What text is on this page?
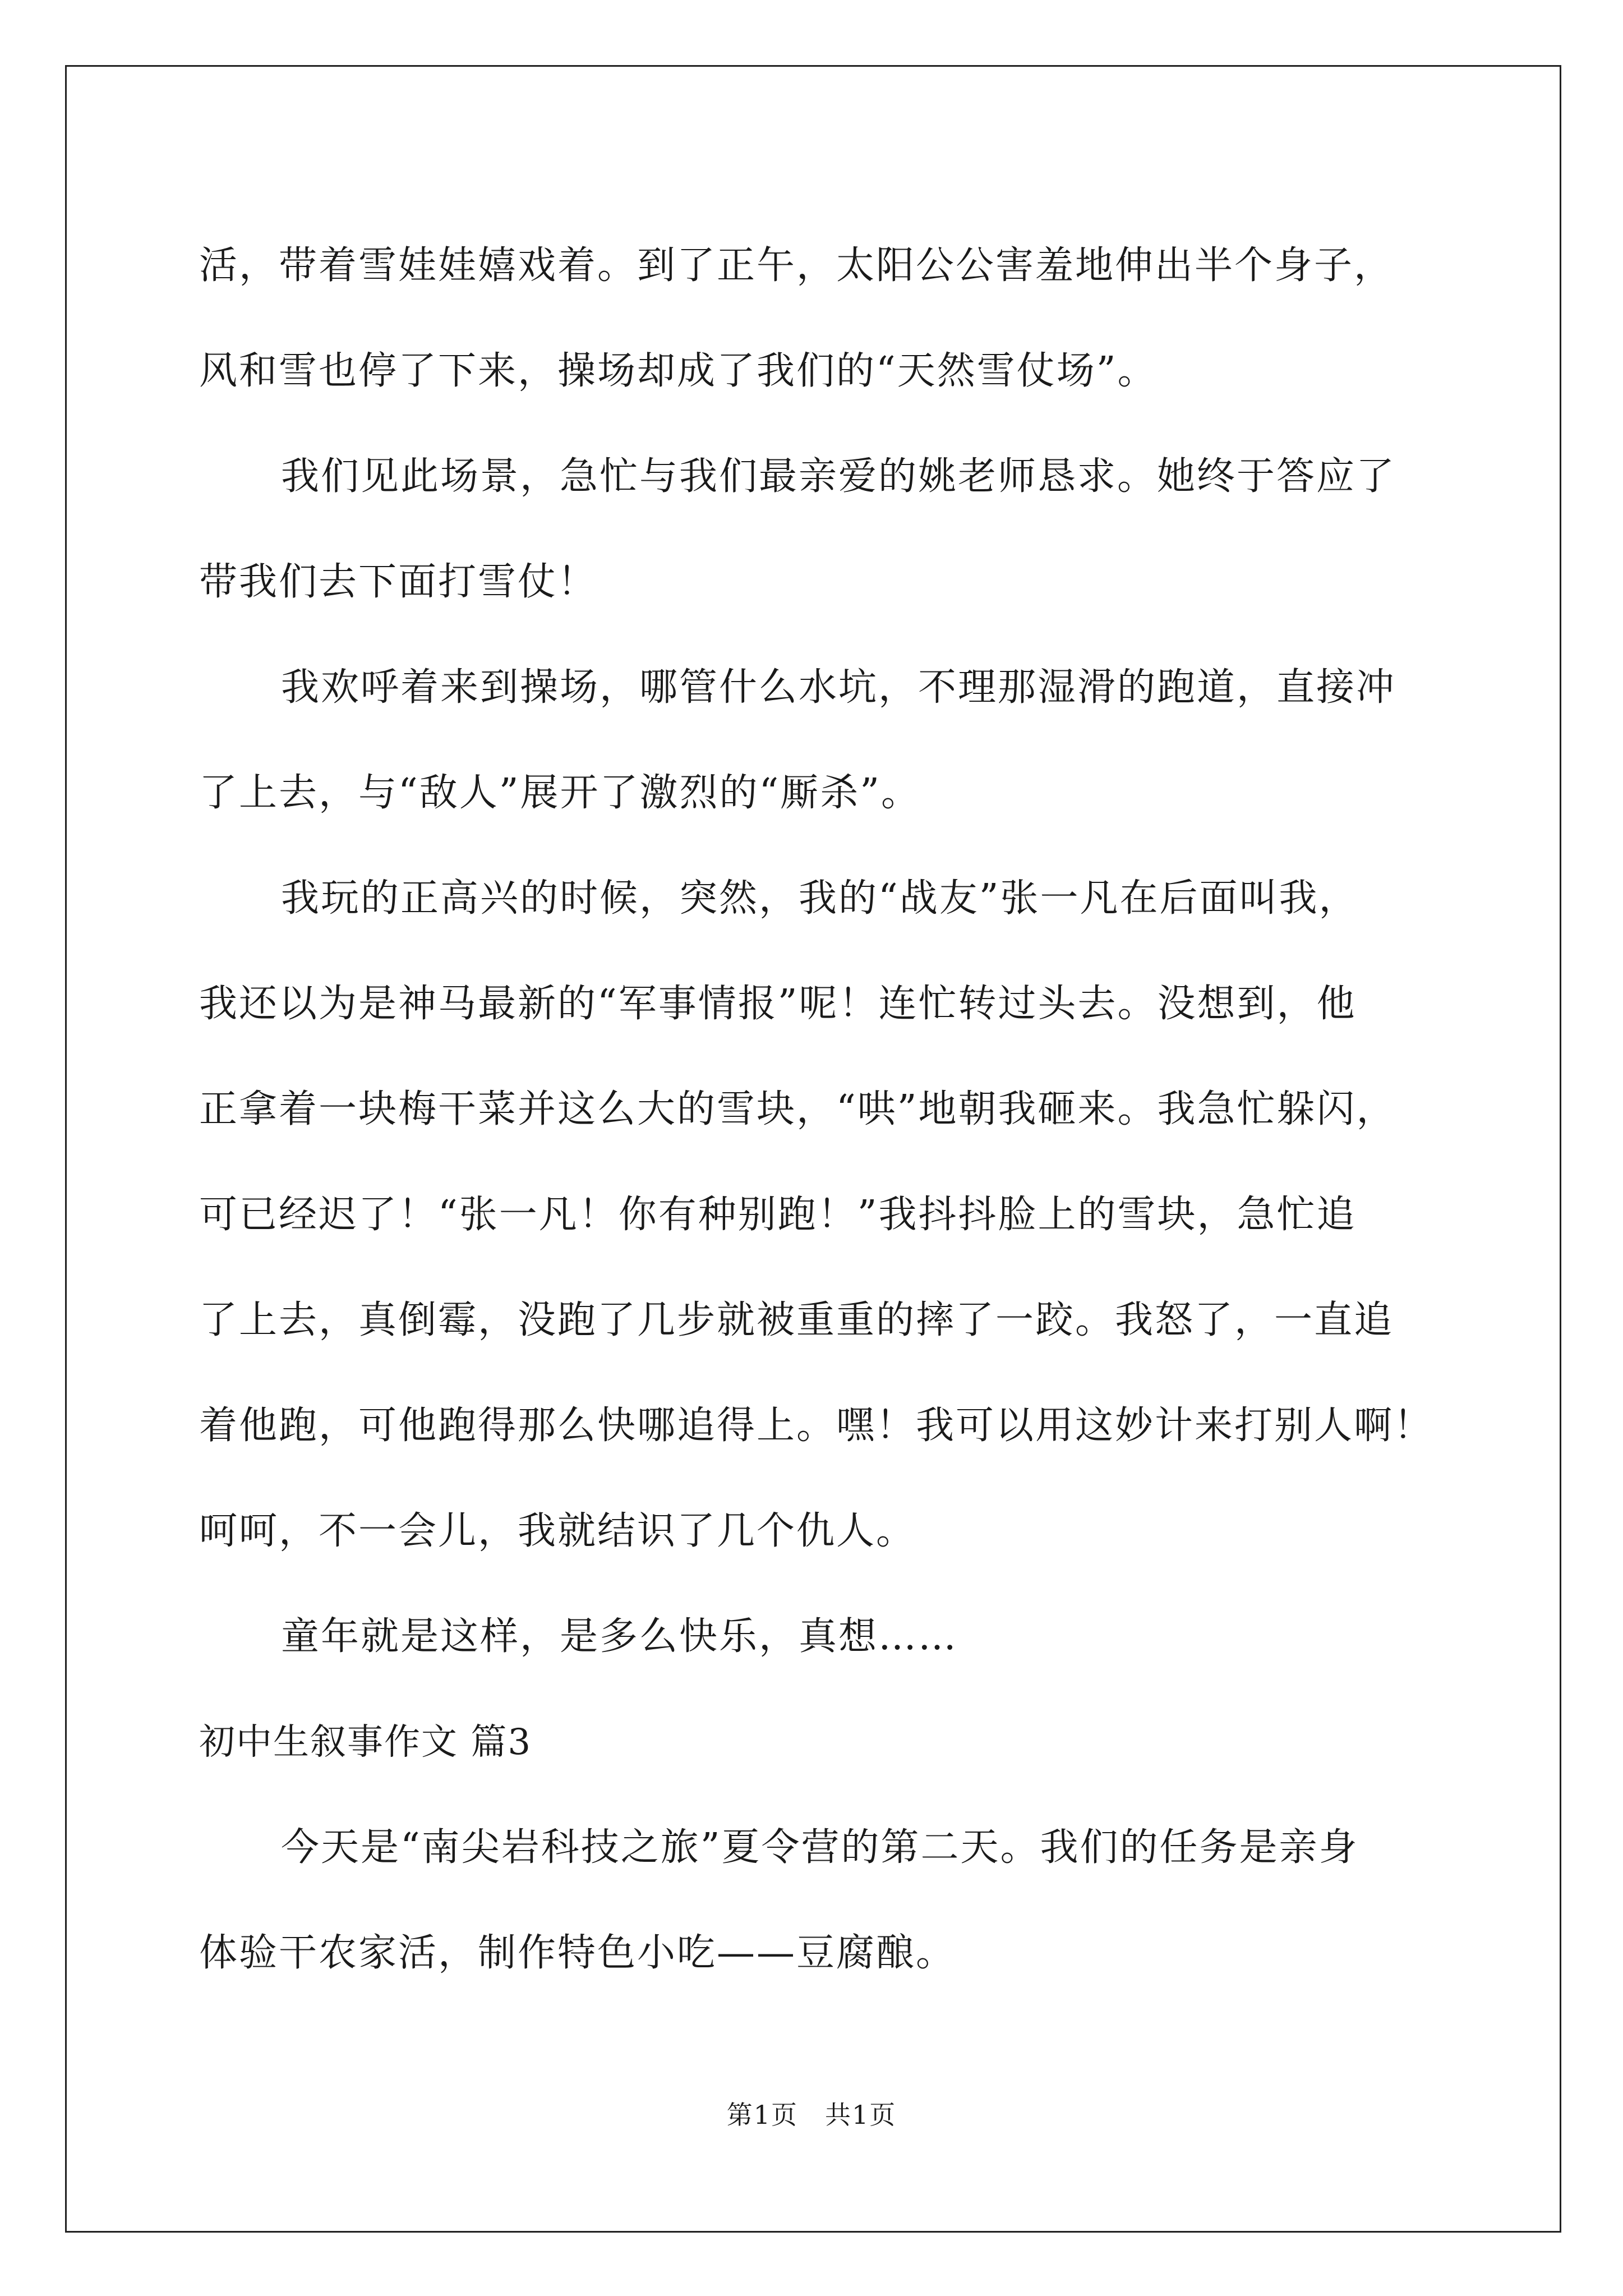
活，带着雪娃娃嬉戏着。到了正午，太阳公公害羞地伸出半个身子，
风和雪也停了下来，操场却成了我们的“天然雪仗场”。
我们见此场景，急忙与我们最亲爱的姚老师恳求。她终于答应了
带我们去下面打雪仗！
我欢呼着来到操场，哪管什么水坑，不理那湿滑的跑道，直接冲
了上去，与“敌人”展开了激烈的“厮杀”。
我玩的正高兴的时候，突然，我的“战友”张一凡在后面叫我，
我还以为是神马最新的“军事情报”呢！连忙转过头去。没想到，他
正拿着一块梅干菜并这么大的雪块，“哄”地朝我砸来。我急忙躲闪，
可已经迟了！“张一凡！你有种别跑！”我抖抖脸上的雪块，急忙追
了上去，真倒霉，没跑了几步就被重重的摔了一跤。我怒了，一直追
着他跑，可他跑得那么快哪追得上。嘿！我可以用这妙计来打别人啊！
呵呵，不一会儿，我就结识了几个仇人。
童年就是这样，是多么快乐，真想……
初中生叙事作文 篇3
今天是“南尖岩科技之旅”夏令营的第二天。我们的任务是亲身
体验干农家活，制作特色小吃——豆腐酿。
第1页　共1页
